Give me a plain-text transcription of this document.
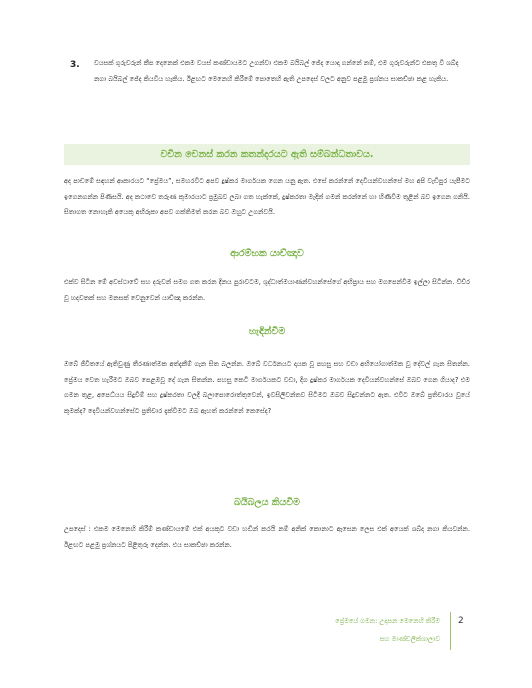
3. වයසක් ගුරුවරුන් කීප දෙනෙක් එකම වයස් කණ්ඩායමට උගන්වා එකම බයිබල් ජේද යොදා ගන්නේ නම්, එම ගුරුවරුන්ට එකතු වී ශබ්ද නගා බයිබල් ජේද කියවිය හැකිය. ඊළඟට මෙනෙහි කිරීමේ පොතෙහි ඇති උපදෙස් වලට අනුව පළමු ප්‍රශ්නය සාකච්ඡා කළ හැකිය.
වචීන වෙනස් කරන කතන්දරයට ඇති සම්බන්ධතාවය.
අද පාඩමේ සඳහන් ආකාරයට “ප්‍රේමය”, සමහරවිට අපව දුෂ්කර මාර්ගයක ගෙන යනු ඇත. එසේ කරන්නේ දෙවියන්වහන්සේ මහ අපි වැඩිපුර යැපීමට ඉගෙනගන්න පිණිසයි. අද කථාවෙ තරුණ කුමාරයාට ප්‍රමුඛව ලබා ගත හැක්කේ, දුෂ්කරතා මැදින් ගමන් කරන්නේ හා හිණිවීම තුළින් බව ඉගෙන ගනියි. සිතාගත නොහැකි අයෙකු අභිරුකා අපව ගක්තිමත් කරන බව ඔහුට උගන්වයි.
ආරම්භක යාච්ඤාව
එක්ව සිටින මේ අවස්ථාවේ සහ දරුවන් සමග ගත කරන දිනය පුරාවටම, ශුද්ධාත්මයාණන්වහන්සේගේ අභිප්‍රාය සහ මගපෙන්වීම ඉල්ලා සිටින්න. ව්ච්ර වූ හදවතක් සහ මනසක් වෙනුවෙන් යාච්ඤා කරන්න.
හැඳින්වීම
ඔබේ ජීවිතයේ ඇතිවුණු තීරණාත්මක අත්දැකීම් ගැන සිත බලන්න. ඔබේ වර්ධනයට දායක වූ පහසු සහ වඩා අභියෝගාත්මක වූ දේවල් ගැන සිතන්න. ප්‍රේමය වෙත හැරීමට ඔබව පෙළඹවූ දේ ගැන සිතන්න. පහසු කෙටි මාර්ගයකට වඩා, දිග දුෂ්කර මාර්ගයක දෙවියන්වහන්සේ ඔබව ගෙන ගියාද? එම ගමන තුළ, අපෙධ්යය සිදුවීම් සහ දුෂ්කරතා වලදී බලාපොරොත්තුවෙන්, ඉවසිලිවන්තව සිටීමට ඔබව සිදුවන්නට ඇත. එවිට ඔබේ ප්‍රතිචාරය වූයේ කුමක්ද? දෙවියන්වහන්සේට ප්‍රතිචාර දැක්වීමට ඔබ ඇහත් කරන්නේ කෙසේද?
බයිබලය කියවීම
උපදෙස් : එකම මෙනෙහි කිරීම් කණ්ඩායමේ එක් අයකුට වඩා හඬින් කරයි නම් අනික් කොනාට ඇසෙන ලෙස එක් අයෙක් ශබ්ද නගා කියවන්න. ඊළඟට පළමු ප්‍රශ්නයට පිළිතුරු දෙන්න. එය සාකච්ඡා කරන්න.
ප්‍රේමයේ ගමන: උදාසන මෙනෙහි කිරීම
සහ මාණ්ඩලික්ශාලාව
2
